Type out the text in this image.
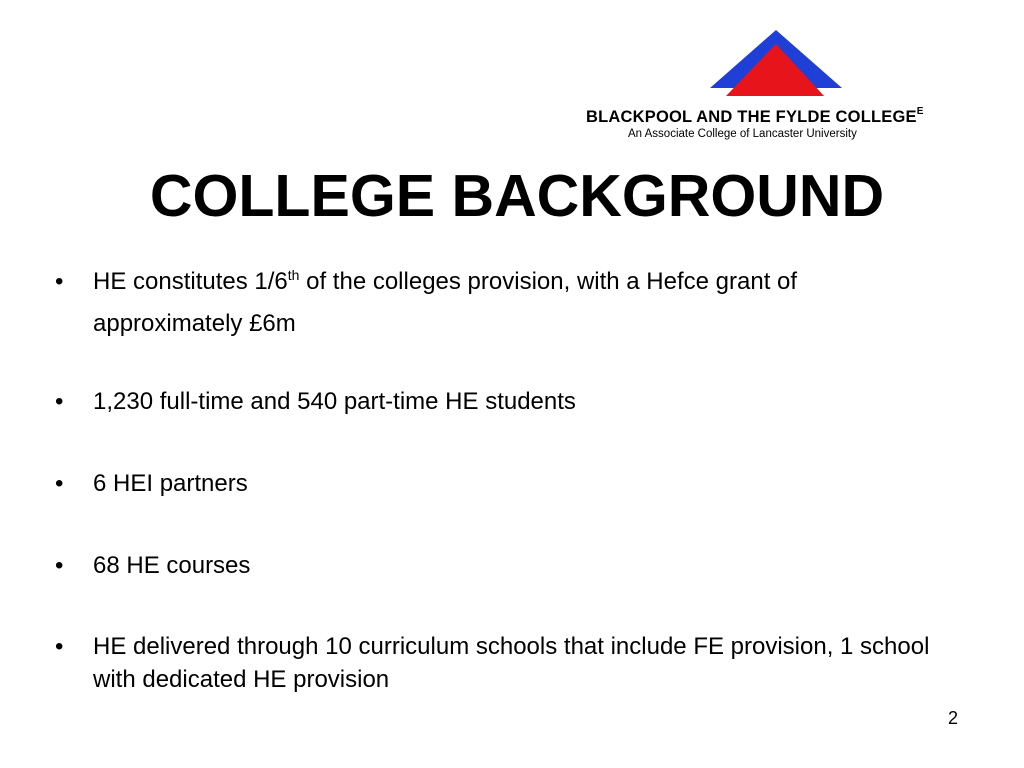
BLACKPOOL AND THE FYLDE $COLLEGE^E$
An Associate College of Lancaster University
COLLEGE BACKGROUND
• HE constitutes 1/6th of the colleges provision, with a Hefce grant of approximately £6m
• 1,230 full-time and 540 part-time HE students
• 6 HEI partners
• 68 HE courses
• HE delivered through 10 curriculum schools that include FE provision, 1 school with dedicated HE provision
2
